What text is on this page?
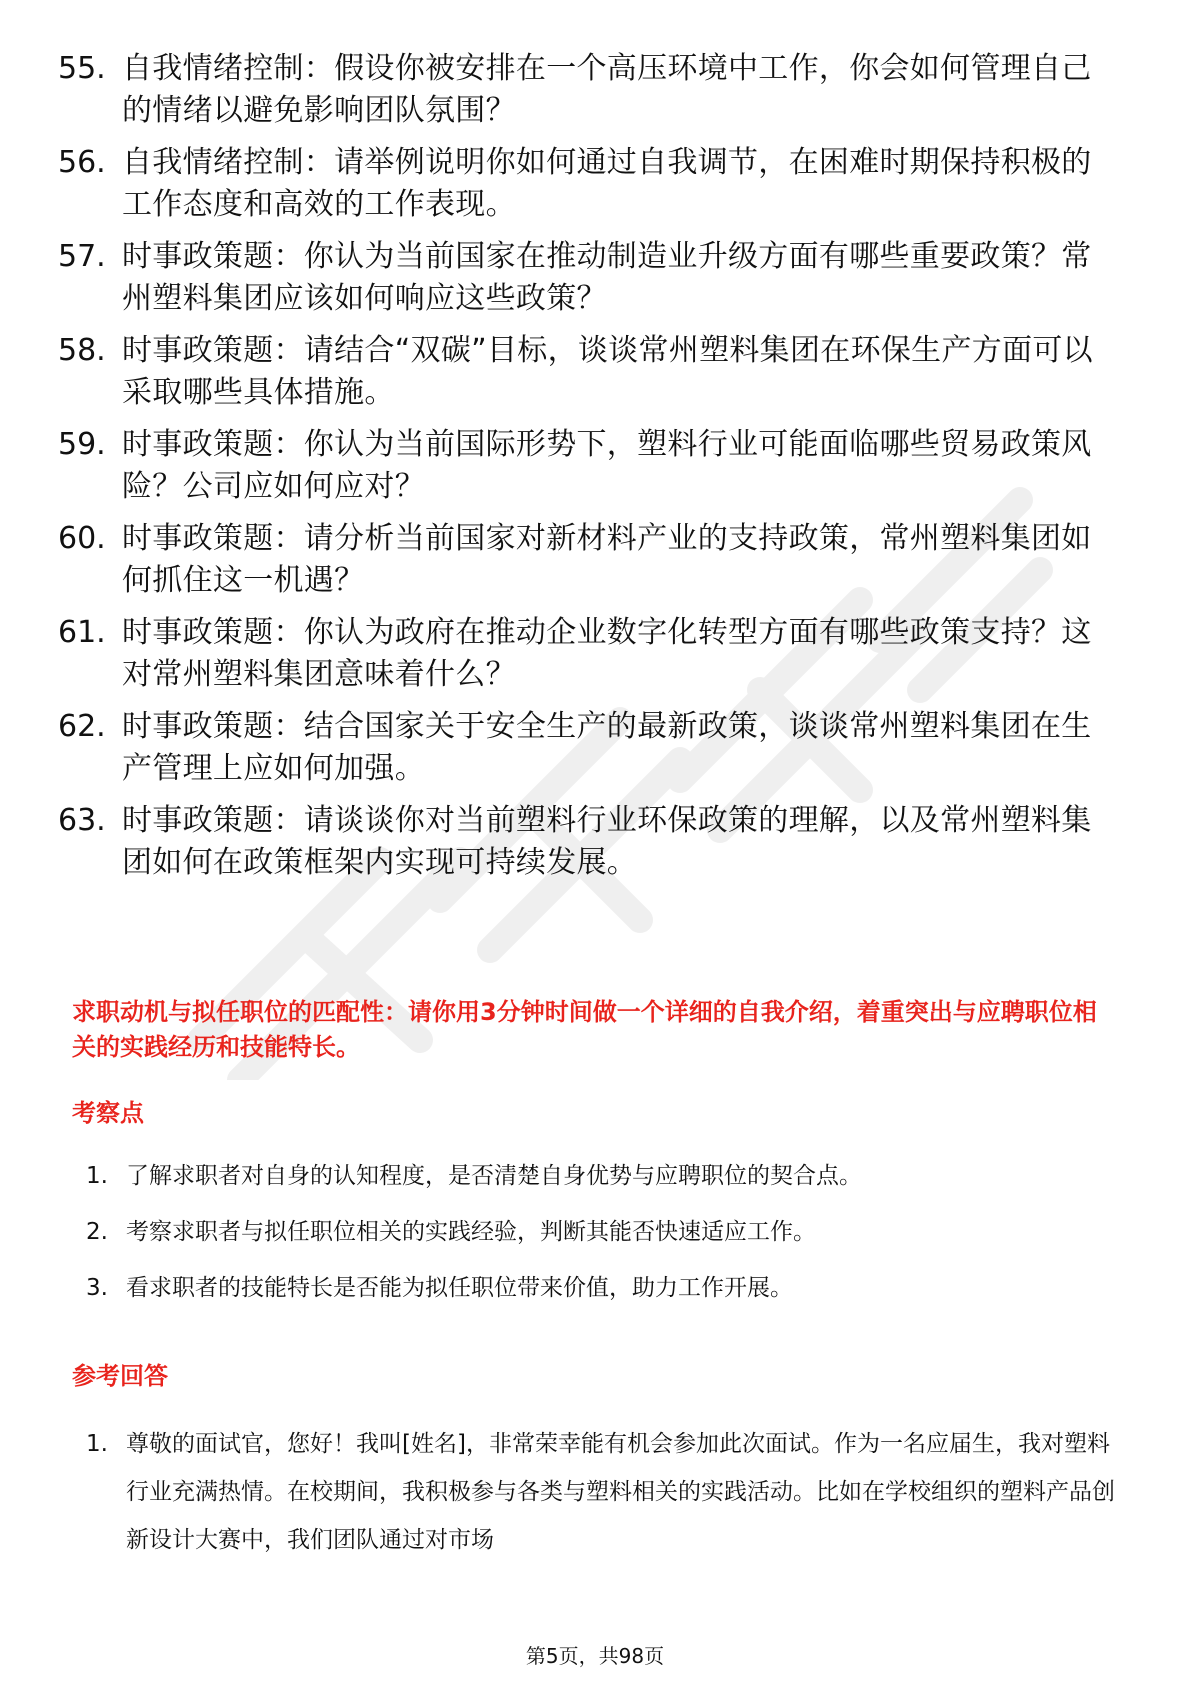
55. 自我情绪控制：假设你被安排在一个高压环境中工作，你会如何管理自己的情绪以避免影响团队氛围？
56. 自我情绪控制：请举例说明你如何通过自我调节，在困难时期保持积极的工作态度和高效的工作表现。
57. 时事政策题：你认为当前国家在推动制造业升级方面有哪些重要政策？常州塑料集团应该如何响应这些政策？
58. 时事政策题：请结合“双碳”目标，谈谈常州塑料集团在环保生产方面可以采取哪些具体措施。
59. 时事政策题：你认为当前国际形势下，塑料行业可能面临哪些贸易政策风险？公司应如何应对？
60. 时事政策题：请分析当前国家对新材料产业的支持政策，常州塑料集团如何抓住这一机遇？
61. 时事政策题：你认为政府在推动企业数字化转型方面有哪些政策支持？这对常州塑料集团意味着什么？
62. 时事政策题：结合国家关于安全生产的最新政策，谈谈常州塑料集团在生产管理上应如何加强。
63. 时事政策题：请谈谈你对当前塑料行业环保政策的理解，以及常州塑料集团如何在政策框架内实现可持续发展。
求职动机与拟任职位的匹配性：请你用3分钟时间做一个详细的自我介绍，着重突出与应聘职位相关的实践经历和技能特长。
考察点
1. 了解求职者对自身的认知程度，是否清楚自身优势与应聘职位的契合点。
2. 考察求职者与拟任职位相关的实践经验，判断其能否快速适应工作。
3. 看求职者的技能特长是否能为拟任职位带来价值，助力工作开展。
参考回答
1. 尊敬的面试官，您好！我叫[姓名]，非常荣幸能有机会参加此次面试。作为一名应届生，我对塑料行业充满热情。在校期间，我积极参与各类与塑料相关的实践活动。比如在学校组织的塑料产品创新设计大赛中，我们团队通过对市场
第5页，共98页
